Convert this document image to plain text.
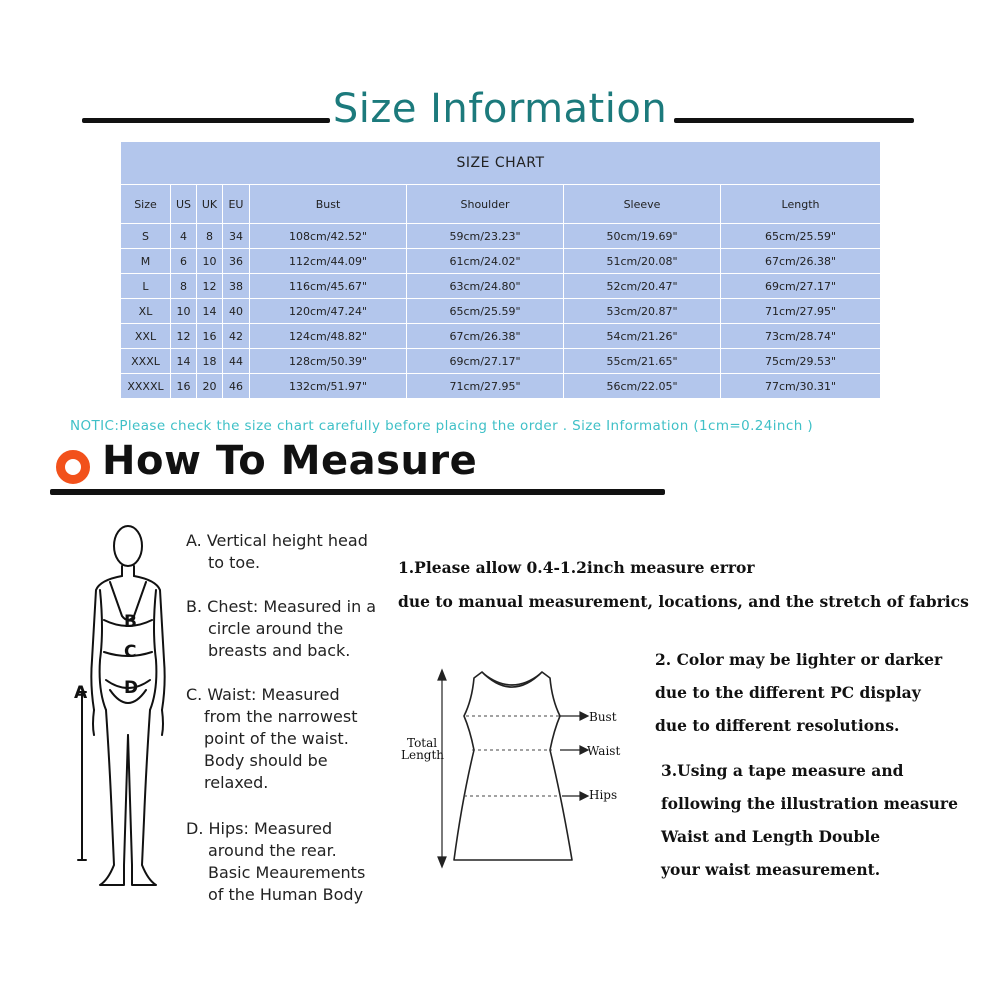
Size Information
SIZE CHART							
Size	US	UK	EU	Bust	Shoulder	Sleeve	Length
S	4	8	34	108cm/42.52"	59cm/23.23"	50cm/19.69"	65cm/25.59"
M	6	10	36	112cm/44.09"	61cm/24.02"	51cm/20.08"	67cm/26.38"
L	8	12	38	116cm/45.67"	63cm/24.80"	52cm/20.47"	69cm/27.17"
XL	10	14	40	120cm/47.24"	65cm/25.59"	53cm/20.87"	71cm/27.95"
XXL	12	16	42	124cm/48.82"	67cm/26.38"	54cm/21.26"	73cm/28.74"
XXXL	14	18	44	128cm/50.39"	69cm/27.17"	55cm/21.65"	75cm/29.53"
XXXXL	16	20	46	132cm/51.97"	71cm/27.95"	56cm/22.05"	77cm/30.31"
NOTIC:Please check the size chart carefully before placing the order . Size Information (1cm=0.24inch )
How To Measure
A
B
C
D
A. Vertical height head
to toe.
B. Chest: Measured in a
circle around the
breasts and back.
C. Waist: Measured
from the narrowest
point of the waist.
Body should be
relaxed.
D. Hips: Measured
around the rear.
Basic Meaurements
of the Human Body
1.Please allow 0.4-1.2inch measure error
due to manual measurement, locations, and the stretch of fabrics
Total
Length
Bust
Waist
Hips
2. Color may be lighter or darker
due to the different PC display
due to different resolutions.
3.Using a tape measure and
following the illustration measure
Waist and Length Double
your waist measurement.
